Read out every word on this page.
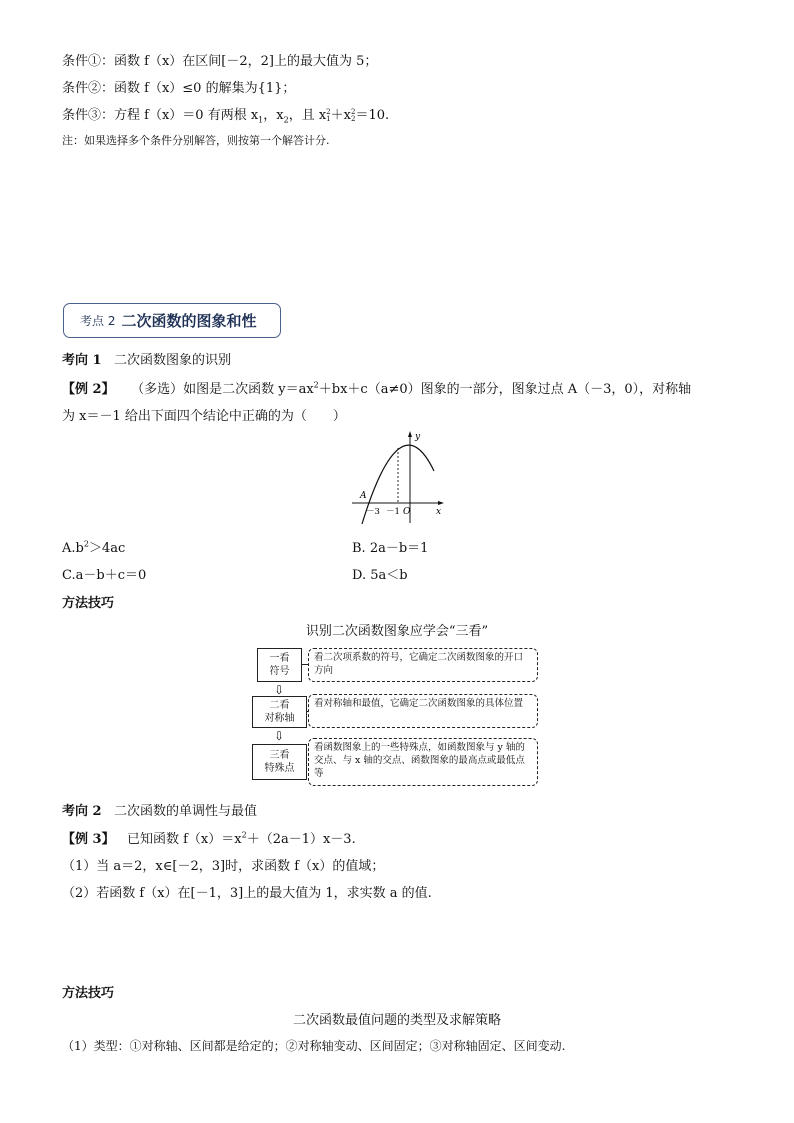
条件①：函数 f（x）在区间[－2，2]上的最大值为 5；
条件②：函数 f（x）≤0 的解集为{1}；
条件③：方程 f（x）＝0 有两根 $x_1$，$x_2$，且 x 2
1 ＋x 2
2 ＝10.
注：如果选择多个条件分别解答，则按第一个解答计分.
考点 2 二次函数的图象和性
考向 1 二次函数图象的识别
【例 2】 （多选）如图是二次函数 $y=ax^2+bx+c(a\ne 0)$图象的一部分，图象过点 A（－3，0），对称轴
为 x＝－1 给出下面四个结论中正确的为（　　）
y
x
A
－3 －1 O
$A.b^2>4ac$	B. 2a－b＝1
C.a－b＋c＝0	D. 5a＜b
方法技巧
识别二次函数图象应学会“三看”
一看
符号
看二次项系数的符号，它确定二次函数图象的开口方向
⇩
二看
对称轴
看对称轴和最值，它确定二次函数图象的具体位置
⇩
三看
特殊点
看函数图象上的一些特殊点，如函数图象与 y 轴的交点、与 x 轴的交点、函数图象的最高点或最低点等
考向 2 二次函数的单调性与最值
【例 3】 已知函数 $f(x)=x^2+(2a-1)x-3$.
（1）当 a＝2，x∈[－2，3]时，求函数 f（x）的值域；
（2）若函数 f（x）在[－1，3]上的最大值为 1，求实数 a 的值.
方法技巧
二次函数最值问题的类型及求解策略
（1）类型：①对称轴、区间都是给定的；②对称轴变动、区间固定；③对称轴固定、区间变动.
